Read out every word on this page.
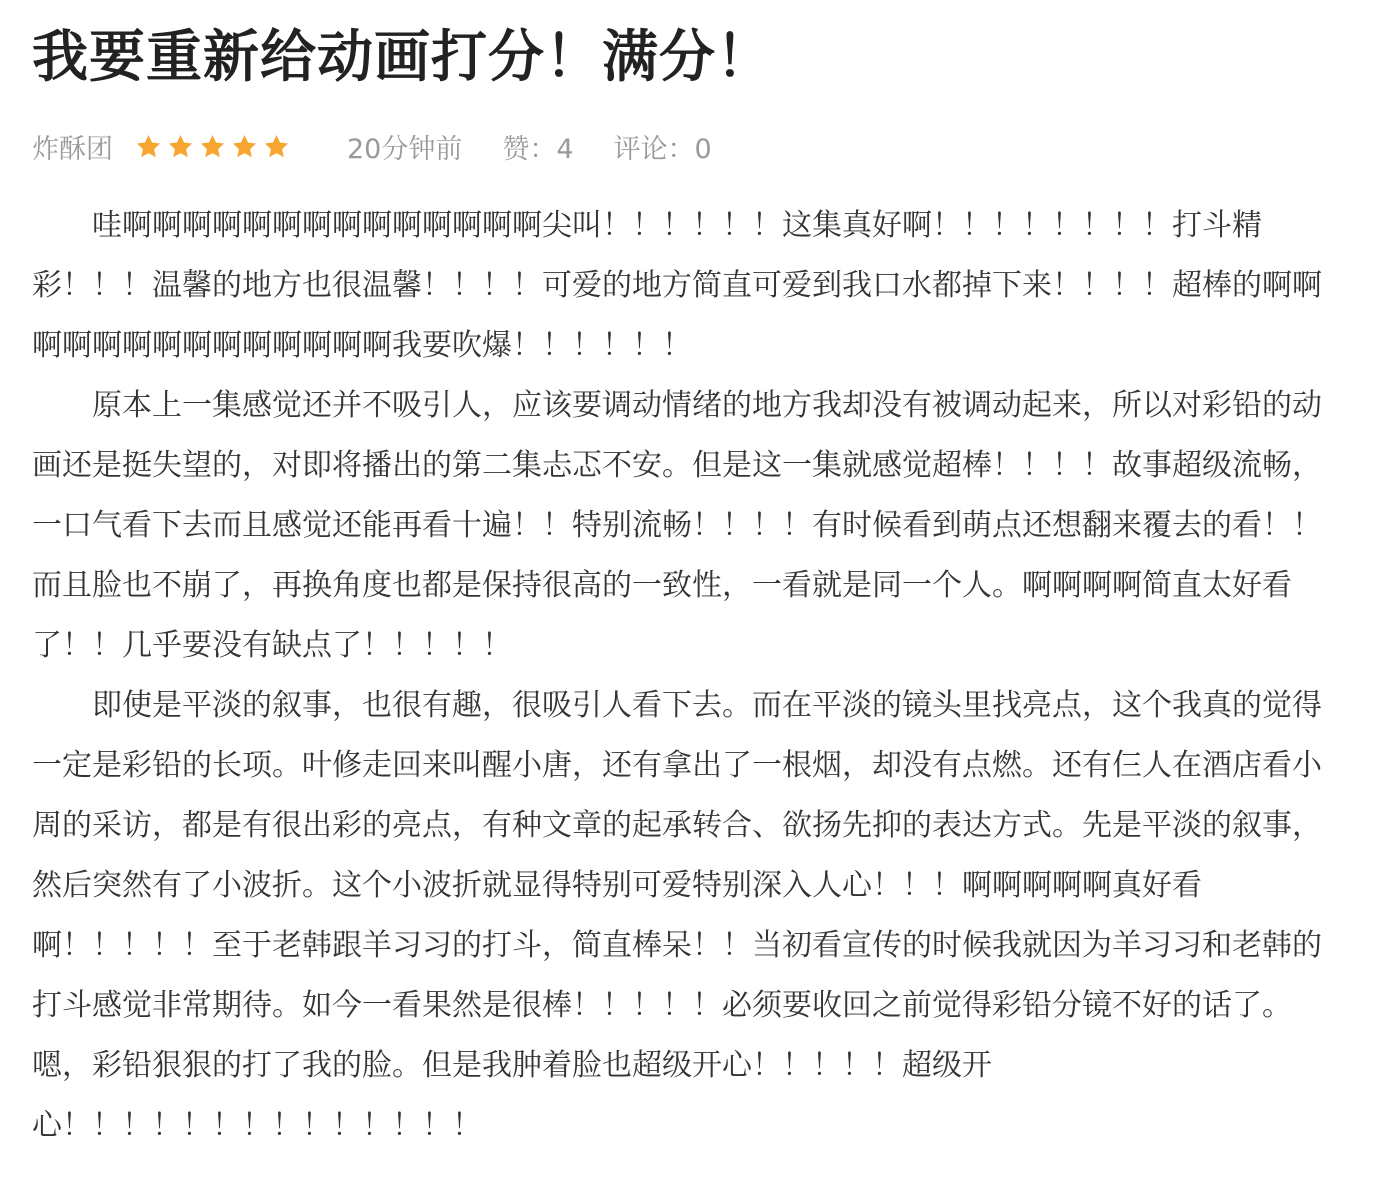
我要重新给动画打分！满分！
炸酥团	20分钟前 赞：4 评论：0

哇啊啊啊啊啊啊啊啊啊啊啊啊啊啊尖叫！！！！！！这集真好啊！！！！！！！！打斗精彩！！！温馨的地方也很温馨！！！！可爱的地方简直可爱到我口水都掉下来！！！！超棒的啊啊啊啊啊啊啊啊啊啊啊啊啊啊我要吹爆！！！！！！

原本上一集感觉还并不吸引人，应该要调动情绪的地方我却没有被调动起来，所以对彩铅的动画还是挺失望的，对即将播出的第二集忐忑不安。但是这一集就感觉超棒！！！！故事超级流畅，一口气看下去而且感觉还能再看十遍！！特别流畅！！！！有时候看到萌点还想翻来覆去的看！！而且脸也不崩了，再换角度也都是保持很高的一致性，一看就是同一个人。啊啊啊啊简直太好看了！！几乎要没有缺点了！！！！！

即使是平淡的叙事，也很有趣，很吸引人看下去。而在平淡的镜头里找亮点，这个我真的觉得一定是彩铅的长项。叶修走回来叫醒小唐，还有拿出了一根烟，却没有点燃。还有仨人在酒店看小周的采访，都是有很出彩的亮点，有种文章的起承转合、欲扬先抑的表达方式。先是平淡的叙事，然后突然有了小波折。这个小波折就显得特别可爱特别深入人心！！！啊啊啊啊啊真好看啊！！！！！至于老韩跟羊习习的打斗，简直棒呆！！当初看宣传的时候我就因为羊习习和老韩的打斗感觉非常期待。如今一看果然是很棒！！！！！必须要收回之前觉得彩铅分镜不好的话了。嗯，彩铅狠狠的打了我的脸。但是我肿着脸也超级开心！！！！！超级开心！！！！！！！！！！！！！！
